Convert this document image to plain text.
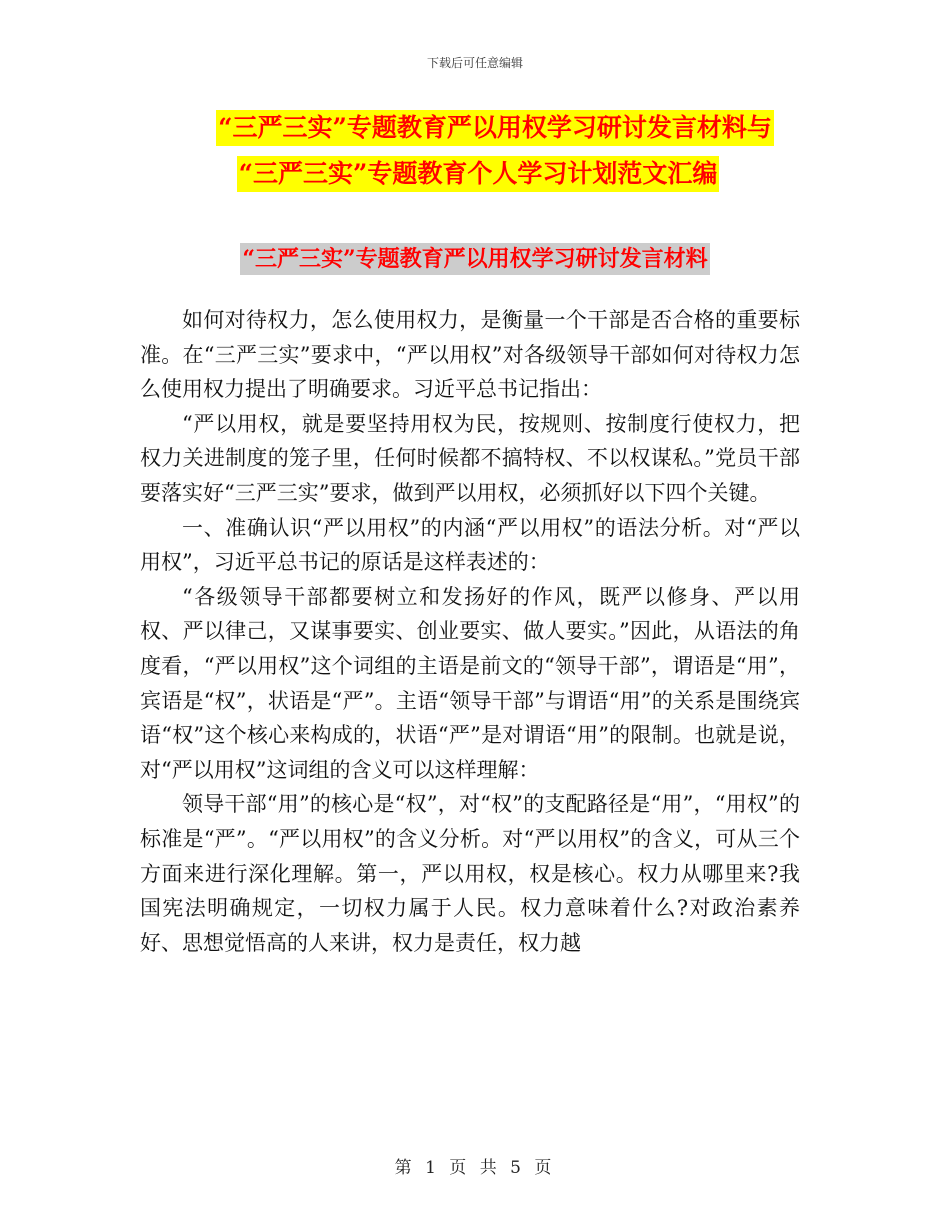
下载后可任意编辑
“三严三实”专题教育严以用权学习研讨发言材料与
“三严三实”专题教育个人学习计划范文汇编
“三严三实”专题教育严以用权学习研讨发言材料

如何对待权力，怎么使用权力，是衡量一个干部是否合格的重要标准。在“三严三实”要求中，“严以用权”对各级领导干部如何对待权力怎么使用权力提出了明确要求。习近平总书记指出：

“严以用权，就是要坚持用权为民，按规则、按制度行使权力，把权力关进制度的笼子里，任何时候都不搞特权、不以权谋私。”党员干部要落实好“三严三实”要求，做到严以用权，必须抓好以下四个关键。

一、准确认识“严以用权”的内涵“严以用权”的语法分析。对“严以用权”，习近平总书记的原话是这样表述的：

“各级领导干部都要树立和发扬好的作风，既严以修身、严以用权、严以律己，又谋事要实、创业要实、做人要实。”因此，从语法的角度看，“严以用权”这个词组的主语是前文的“领导干部”，谓语是“用”，宾语是“权”，状语是“严”。主语“领导干部”与谓语“用”的关系是围绕宾语“权”这个核心来构成的，状语“严”是对谓语“用”的限制。也就是说，对“严以用权”这词组的含义可以这样理解：

领导干部“用”的核心是“权”，对“权”的支配路径是“用”，“用权”的标准是“严”。“严以用权”的含义分析。对“严以用权”的含义，可从三个方面来进行深化理解。第一，严以用权，权是核心。权力从哪里来?我国宪法明确规定，一切权力属于人民。权力意味着什么?对政治素养好、思想觉悟高的人来讲，权力是责任，权力越

第 1 页 共 5 页
